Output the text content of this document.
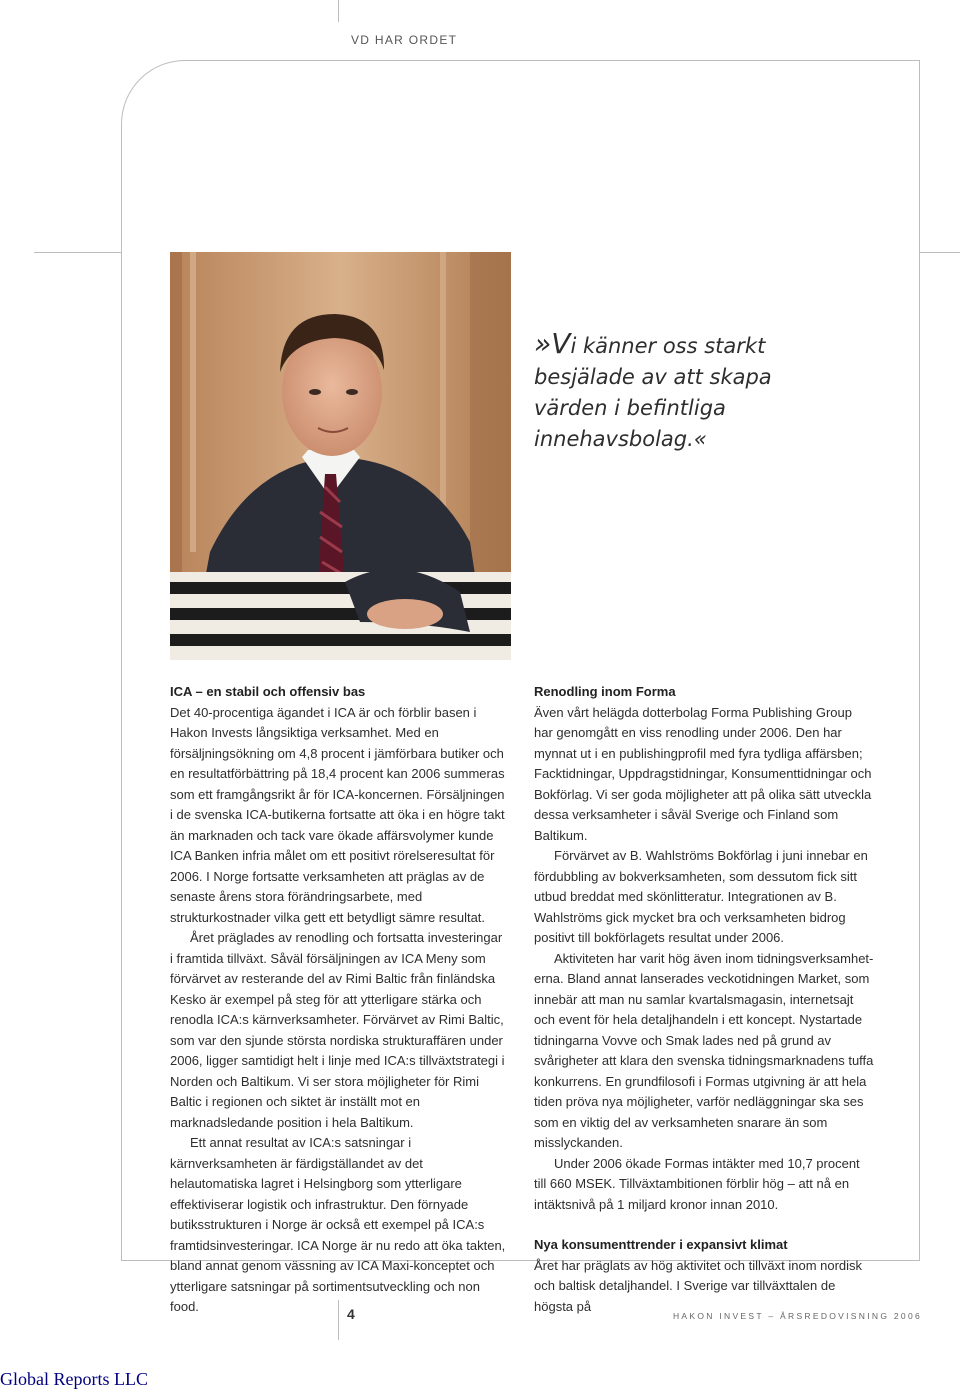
VD HAR ORDET
»Vi känner oss starkt besjälade av att skapa värden i befintliga innehavsbolag.«
ICA – en stabil och offensiv bas

Det 40-procentiga ägandet i ICA är och förblir basen i Hakon Invests långsiktiga verksamhet. Med en försäljningsökning om 4,8 procent i jämförbara butiker och en resultatförbättring på 18,4 procent kan 2006 summeras som ett framgångsrikt år för ICA-koncernen. Försäljningen i de svenska ICA-butikerna fortsatte att öka i en högre takt än marknaden och tack vare ökade affärsvolymer kunde ICA Banken infria målet om ett positivt rörelseresultat för 2006. I Norge fortsatte verksamheten att präglas av de senaste årens stora förändringsarbete, med strukturkostnader vilka gett ett betydligt sämre resultat.

Året präglades av renodling och fortsatta investeringar i framtida tillväxt. Såväl försäljningen av ICA Meny som förvärvet av resterande del av Rimi Baltic från finländska Kesko är exempel på steg för att ytterligare stärka och renodla ICA:s kärnverksamheter. Förvärvet av Rimi Baltic, som var den sjunde största nordiska strukturaffären under 2006, ligger samtidigt helt i linje med ICA:s tillväxtstrategi i Norden och Baltikum. Vi ser stora möjligheter för Rimi Baltic i regionen och siktet är inställt mot en marknadsledande position i hela Baltikum.

Ett annat resultat av ICA:s satsningar i kärnverksamheten är färdigställandet av det helautomatiska lagret i Helsingborg som ytterligare effektiviserar logistik och infrastruktur. Den förnyade butiksstrukturen i Norge är också ett exempel på ICA:s framtidsinvesteringar. ICA Norge är nu redo att öka takten, bland annat genom vässning av ICA Maxi-konceptet och ytterligare satsningar på sortimentsutveckling och non food.

Renodling inom Forma

Även vårt helägda dotterbolag Forma Publishing Group har genomgått en viss renodling under 2006. Den har mynnat ut i en publishingprofil med fyra tydliga affärsben; Facktidningar, Uppdragstidningar, Konsumenttidningar och Bokförlag. Vi ser goda möjligheter att på olika sätt utveckla dessa verksamheter i såväl Sverige och Finland som Baltikum.

Förvärvet av B. Wahlströms Bokförlag i juni innebar en fördubbling av bokverksamheten, som dessutom fick sitt utbud breddat med skönlitteratur. Integrationen av B. Wahlströms gick mycket bra och verksamheten bidrog positivt till bokförlagets resultat under 2006.

Aktiviteten har varit hög även inom tidningsverksamheterna. Bland annat lanserades veckotidningen Market, som innebär att man nu samlar kvartalsmagasin, internetsajt och event för hela detaljhandeln i ett koncept. Nystartade tidningarna Vovve och Smak lades ned på grund av svårigheter att klara den svenska tidningsmarknadens tuffa konkurrens. En grundfilosofi i Formas utgivning är att hela tiden pröva nya möjligheter, varför nedläggningar ska ses som en viktig del av verksamheten snarare än som misslyckanden.

Under 2006 ökade Formas intäkter med 10,7 procent till 660 MSEK. Tillväxtambitionen förblir hög – att nå en intäktsnivå på 1 miljard kronor innan 2010.

Nya konsumenttrender i expansivt klimat

Året har präglats av hög aktivitet och tillväxt inom nordisk och baltisk detaljhandel. I Sverige var tillväxttalen de högsta på

4	HAKON INVEST – ÅRSREDOVISNING 2006
Global Reports LLC
